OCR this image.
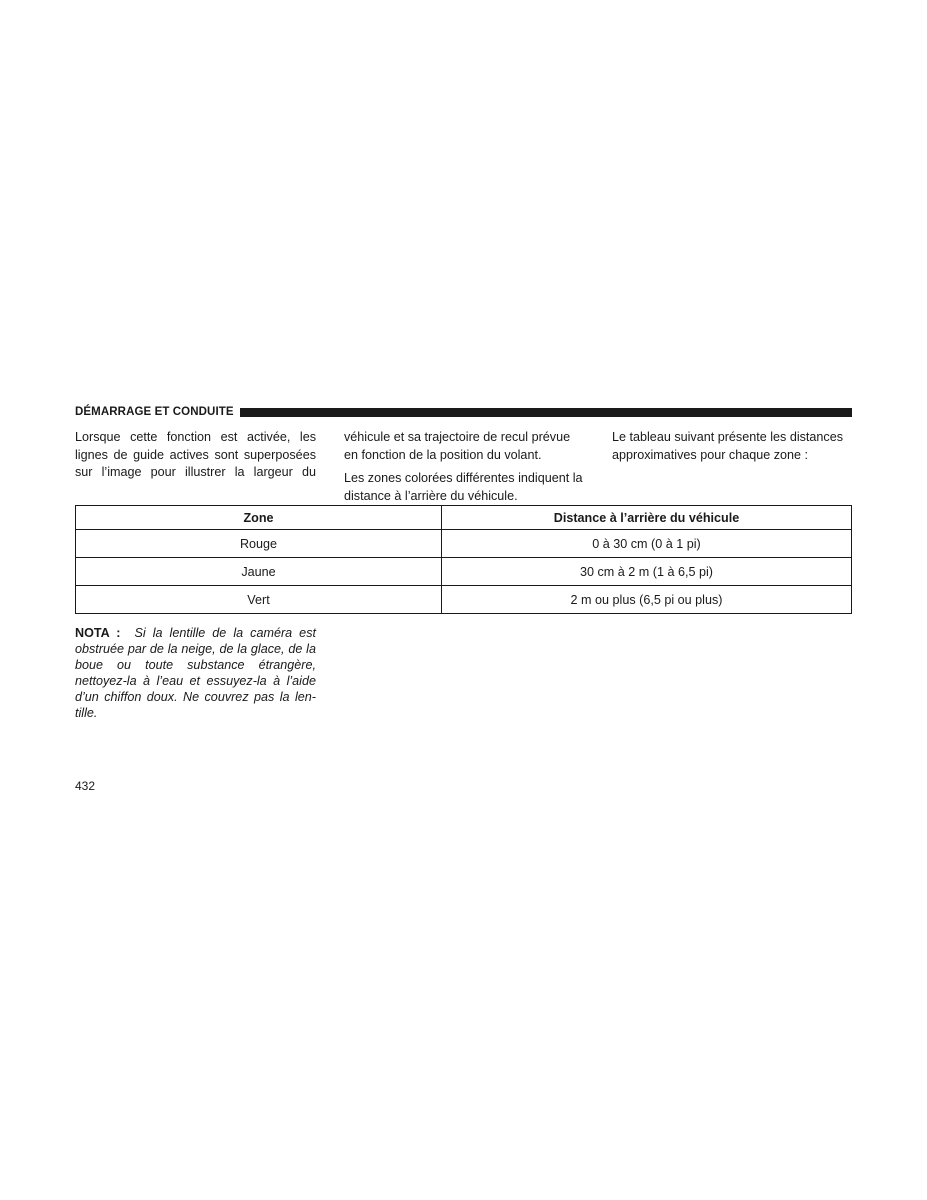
DÉMARRAGE ET CONDUITE
Lorsque cette fonction est activée, les
lignes de guide actives sont superposées
sur l’image pour illustrer la largeur du

véhicule et sa trajectoire de recul prévue en fonction de la position du volant.

Les zones colorées différentes indiquent la distance à l’arrière du véhicule.

Le tableau suivant présente les distances approximatives pour chaque zone :

Zone	Distance à l’arrière du véhicule
Rouge	0 à 30 cm (0 à 1 pi)
Jaune	30 cm à 2 m (1 à 6,5 pi)
Vert	2 m ou plus (6,5 pi ou plus)
NOTA : Si la lentille de la caméra est obstruée par de la neige, de la glace, de la boue ou toute substance étrangère, nettoyez-la à l’eau et essuyez-la à l’aide d’un chiffon doux. Ne couvrez pas la len-tille.
432
